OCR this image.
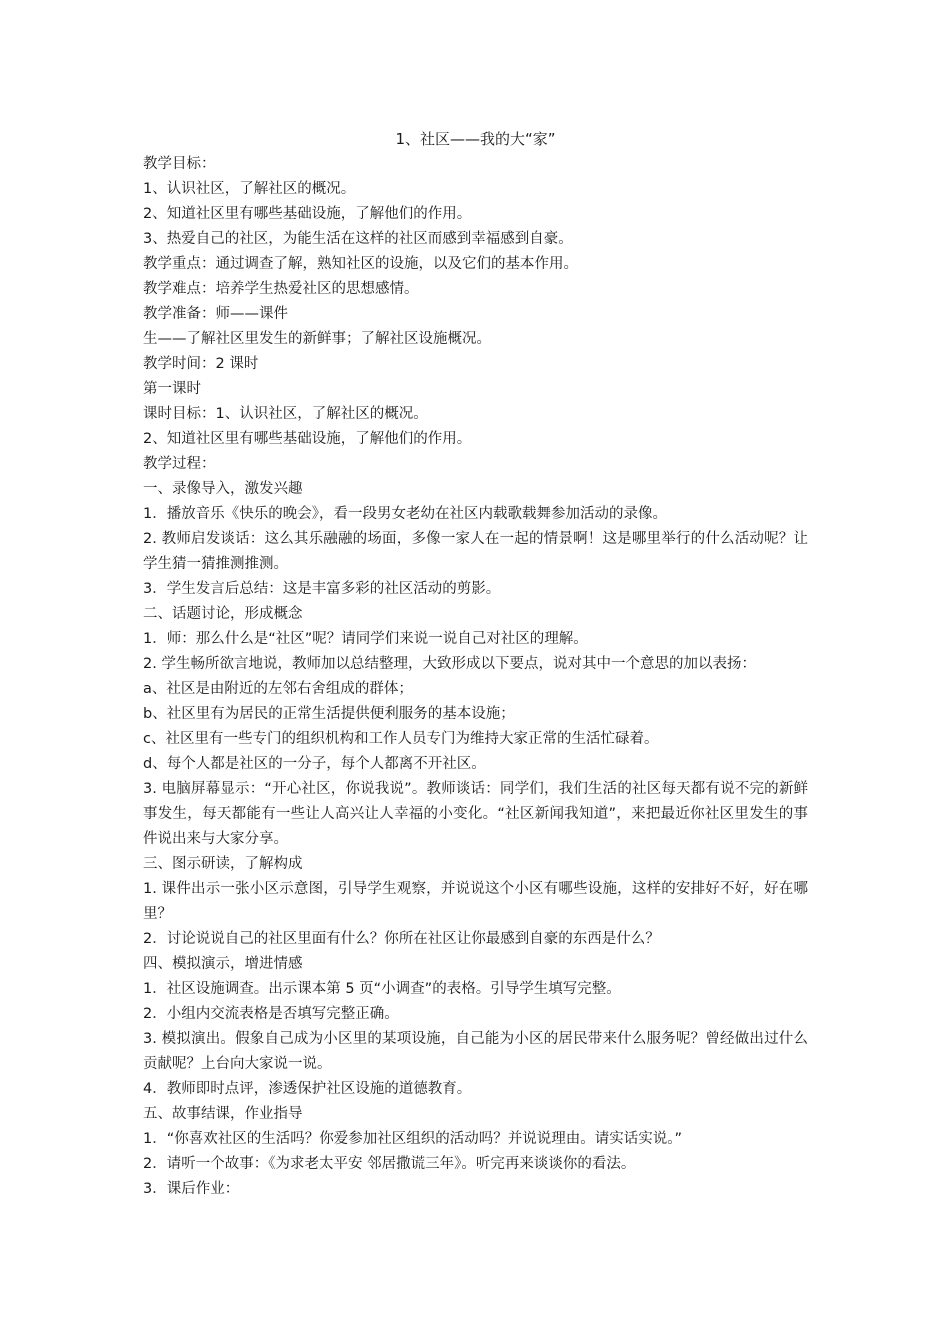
1、社区——我的大“家”
教学目标：
1、认识社区，了解社区的概况。
2、知道社区里有哪些基础设施，了解他们的作用。
3、热爱自己的社区，为能生活在这样的社区而感到幸福感到自豪。
教学重点：通过调查了解，熟知社区的设施，以及它们的基本作用。
教学难点：培养学生热爱社区的思想感情。
教学准备：师——课件
生——了解社区里发生的新鲜事；了解社区设施概况。
教学时间：2 课时
第一课时
课时目标：1、认识社区，了解社区的概况。
2、知道社区里有哪些基础设施，了解他们的作用。
教学过程：
一、录像导入，激发兴趣
1．播放音乐《快乐的晚会》，看一段男女老幼在社区内载歌载舞参加活动的录像。
2. 教师启发谈话：这么其乐融融的场面，多像一家人在一起的情景啊！这是哪里举行的什么活动呢？让学生猜一猜推测推测。
3．学生发言后总结：这是丰富多彩的社区活动的剪影。
二、话题讨论，形成概念
1．师：那么什么是“社区”呢？请同学们来说一说自己对社区的理解。
2. 学生畅所欲言地说，教师加以总结整理，大致形成以下要点，说对其中一个意思的加以表扬：
a、社区是由附近的左邻右舍组成的群体；
b、社区里有为居民的正常生活提供便利服务的基本设施；
c、社区里有一些专门的组织机构和工作人员专门为维持大家正常的生活忙碌着。
d、每个人都是社区的一分子，每个人都离不开社区。
3. 电脑屏幕显示：“开心社区，你说我说”。教师谈话：同学们，我们生活的社区每天都有说不完的新鲜事发生，每天都能有一些让人高兴让人幸福的小变化。“社区新闻我知道”，来把最近你社区里发生的事件说出来与大家分享。
三、图示研读，了解构成
1. 课件出示一张小区示意图，引导学生观察，并说说这个小区有哪些设施，这样的安排好不好，好在哪里？
2．讨论说说自己的社区里面有什么？你所在社区让你最感到自豪的东西是什么？
四、模拟演示，增进情感
1．社区设施调查。出示课本第 5 页“小调查”的表格。引导学生填写完整。
2．小组内交流表格是否填写完整正确。
3. 模拟演出。假象自己成为小区里的某项设施，自己能为小区的居民带来什么服务呢？曾经做出过什么贡献呢？上台向大家说一说。
4．教师即时点评，渗透保护社区设施的道德教育。
五、故事结课，作业指导
1．“你喜欢社区的生活吗？你爱参加社区组织的活动吗？并说说理由。请实话实说。”
2．请听一个故事：《为求老太平安 邻居撒谎三年》。听完再来谈谈你的看法。
3．课后作业：
